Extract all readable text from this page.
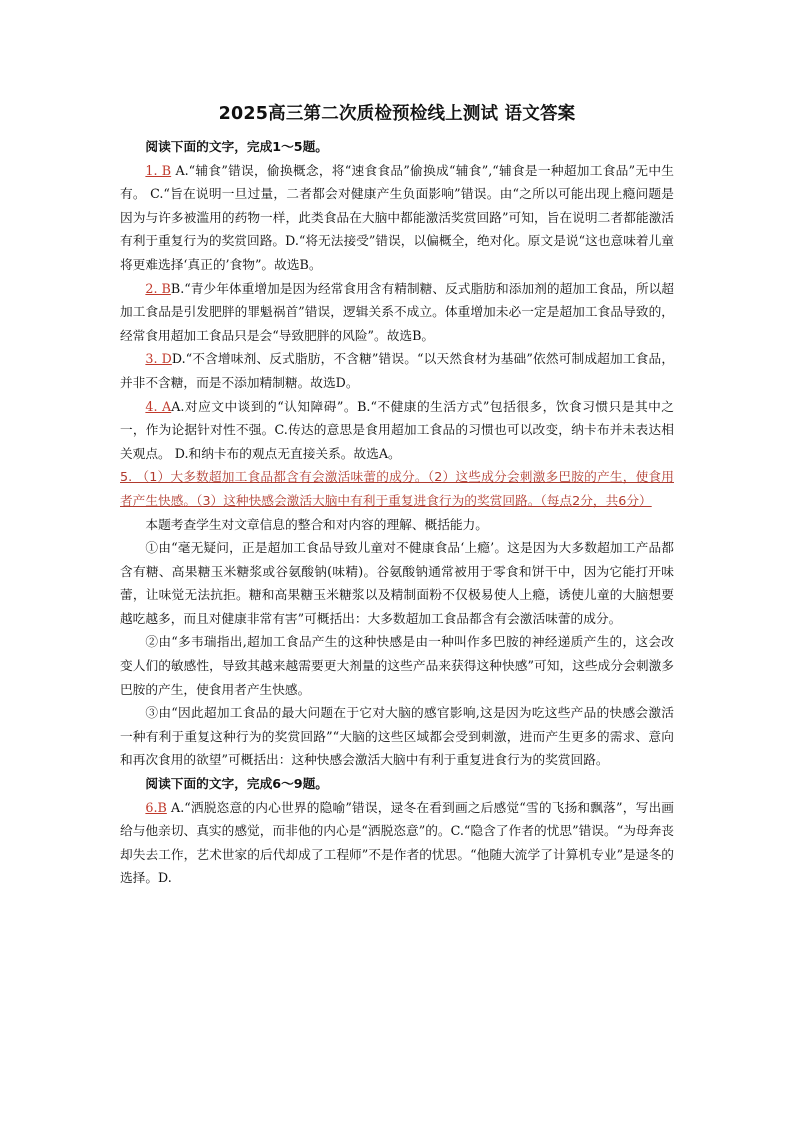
2025高三第二次质检预检线上测试 语文答案

阅读下面的文字，完成1～5题。

1. B A.“辅食”错误，偷换概念，将“速食食品”偷换成“辅食”,“辅食是一种超加工食品”无中生有。 C.“旨在说明一旦过量，二者都会对健康产生负面影响”错误。由“之所以可能出现上瘾问题是因为与许多被滥用的药物一样，此类食品在大脑中都能激活奖赏回路”可知，旨在说明二者都能激活有利于重复行为的奖赏回路。D.“将无法接受”错误，以偏概全，绝对化。原文是说“这也意味着儿童将更难选择‘真正的’食物”。故选B。

2. BB.“青少年体重增加是因为经常食用含有精制糖、反式脂肪和添加剂的超加工食品，所以超加工食品是引发肥胖的罪魁祸首”错误，逻辑关系不成立。体重增加未必一定是超加工食品导致的，经常食用超加工食品只是会“导致肥胖的风险”。故选B。

3. DD.“不含增味剂、反式脂肪，不含糖”错误。“以天然食材为基础”依然可制成超加工食品，并非不含糖，而是不添加精制糖。故选D。

4. AA.对应文中谈到的“认知障碍”。B.“不健康的生活方式”包括很多，饮食习惯只是其中之一，作为论据针对性不强。C.传达的意思是食用超加工食品的习惯也可以改变，纳卡布并未表达相关观点。 D.和纳卡布的观点无直接关系。故选A。

5. （1）大多数超加工食品都含有会激活味蕾的成分。（2）这些成分会刺激多巴胺的产生，使食用者产生快感。（3）这种快感会激活大脑中有利于重复进食行为的奖赏回路。（每点2分，共6分）

本题考查学生对文章信息的整合和对内容的理解、概括能力。

①由“毫无疑问，正是超加工食品导致儿童对不健康食品‘上瘾’。这是因为大多数超加工产品都含有糖、高果糖玉米糖浆或谷氨酸钠(味精)。谷氨酸钠通常被用于零食和饼干中，因为它能打开味蕾，让味觉无法抗拒。糖和高果糖玉米糖浆以及精制面粉不仅极易使人上瘾，诱使儿童的大脑想要越吃越多，而且对健康非常有害”可概括出：大多数超加工食品都含有会激活味蕾的成分。

②由“多韦瑞指出,超加工食品产生的这种快感是由一种叫作多巴胺的神经递质产生的，这会改变人们的敏感性，导致其越来越需要更大剂量的这些产品来获得这种快感”可知，这些成分会刺激多巴胺的产生，使食用者产生快感。

③由“因此超加工食品的最大问题在于它对大脑的感官影响,这是因为吃这些产品的快感会激活一种有利于重复这种行为的奖赏回路”“大脑的这些区域都会受到刺激，进而产生更多的需求、意向和再次食用的欲望”可概括出：这种快感会激活大脑中有利于重复进食行为的奖赏回路。

阅读下面的文字，完成6～9题。

6.B A.“洒脱恣意的内心世界的隐喻”错误，逯冬在看到画之后感觉“雪的飞扬和飘落”，写出画给与他亲切、真实的感觉，而非他的内心是“洒脱恣意”的。C.“隐含了作者的忧思”错误。“为母奔丧却失去工作，艺术世家的后代却成了工程师”不是作者的忧思。“他随大流学了计算机专业”是逯冬的选择。D.
